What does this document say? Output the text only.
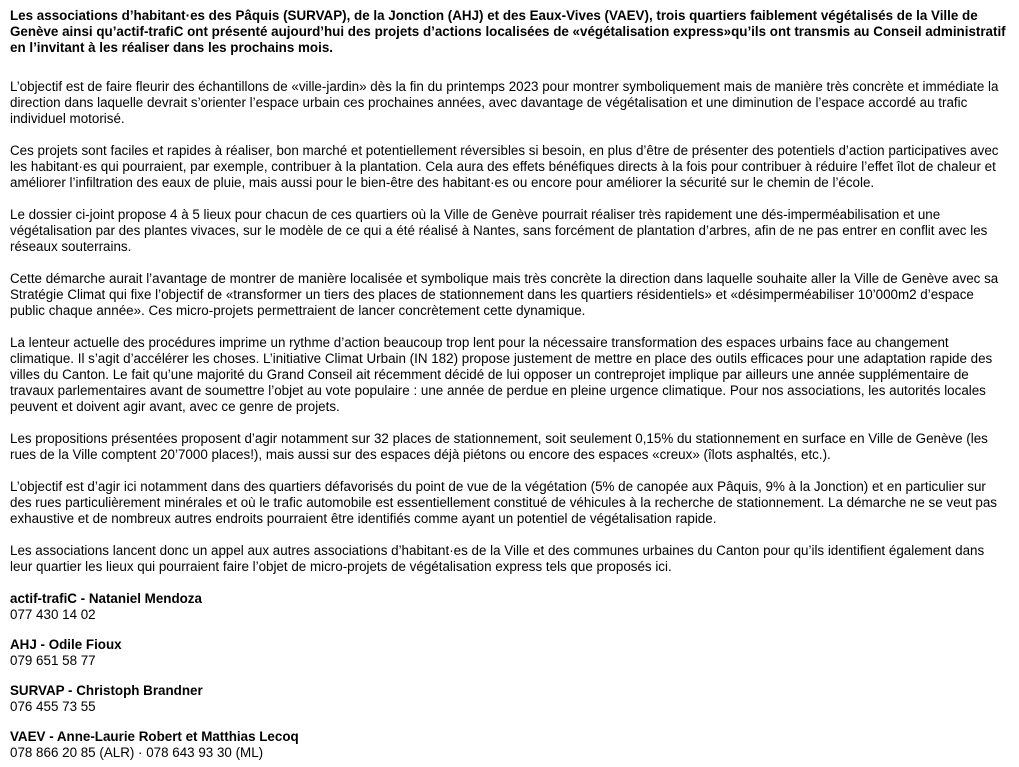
Les associations d’habitant·es des Pâquis (SURVAP), de la Jonction (AHJ) et des Eaux-Vives (VAEV), trois quartiers faiblement végétalisés de la Ville de Genève ainsi qu’actif-trafiC ont présenté aujourd’hui des projets d’actions localisées de «végétalisation express»qu’ils ont transmis au Conseil administratif en l’invitant à les réaliser dans les prochains mois.

L’objectif est de faire fleurir des échantillons de «ville-jardin» dès la fin du printemps 2023 pour montrer symboliquement mais de manière très concrète et immédiate la direction dans laquelle devrait s’orienter l’espace urbain ces prochaines années, avec davantage de végétalisation et une diminution de l’espace accordé au trafic individuel motorisé.

Ces projets sont faciles et rapides à réaliser, bon marché et potentiellement réversibles si besoin, en plus d’être de présenter des potentiels d’action participatives avec les habitant·es qui pourraient, par exemple, contribuer à la plantation. Cela aura des effets bénéfiques directs à la fois pour contribuer à réduire l’effet îlot de chaleur et améliorer l’infiltration des eaux de pluie, mais aussi pour le bien-être des habitant·es ou encore pour améliorer la sécurité sur le chemin de l’école.

Le dossier ci-joint propose 4 à 5 lieux pour chacun de ces quartiers où la Ville de Genève pourrait réaliser très rapidement une dés-imperméabilisation et une végétalisation par des plantes vivaces, sur le modèle de ce qui a été réalisé à Nantes, sans forcément de plantation d’arbres, afin de ne pas entrer en conflit avec les réseaux souterrains.

Cette démarche aurait l’avantage de montrer de manière localisée et symbolique mais très concrète la direction dans laquelle souhaite aller la Ville de Genève avec sa Stratégie Climat qui fixe l’objectif de «transformer un tiers des places de stationnement dans les quartiers résidentiels» et «désimperméabiliser 10’000m2 d’espace public chaque année». Ces micro-projets permettraient de lancer concrètement cette dynamique.

La lenteur actuelle des procédures imprime un rythme d’action beaucoup trop lent pour la nécessaire transformation des espaces urbains face au changement climatique. Il s’agit d’accélérer les choses. L’initiative Climat Urbain (IN 182) propose justement de mettre en place des outils efficaces pour une adaptation rapide des villes du Canton. Le fait qu’une majorité du Grand Conseil ait récemment décidé de lui opposer un contreprojet implique par ailleurs une année supplémentaire de travaux parlementaires avant de soumettre l’objet au vote populaire : une année de perdue en pleine urgence climatique. Pour nos associations, les autorités locales peuvent et doivent agir avant, avec ce genre de projets.

Les propositions présentées proposent d’agir notamment sur 32 places de stationnement, soit seulement 0,15% du stationnement en surface en Ville de Genève (les rues de la Ville comptent 20’7000 places!), mais aussi sur des espaces déjà piétons ou encore des espaces «creux» (îlots asphaltés, etc.).

L’objectif est d’agir ici notamment dans des quartiers défavorisés du point de vue de la végétation (5% de canopée aux Pâquis, 9% à la Jonction) et en particulier sur des rues particulièrement minérales et où le trafic automobile est essentiellement constitué de véhicules à la recherche de stationnement. La démarche ne se veut pas exhaustive et de nombreux autres endroits pourraient être identifiés comme ayant un potentiel de végétalisation rapide.

Les associations lancent donc un appel aux autres associations d’habitant·es de la Ville et des communes urbaines du Canton pour qu’ils identifient également dans leur quartier les lieux qui pourraient faire l’objet de micro-projets de végétalisation express tels que proposés ici.

actif-trafiC - Nataniel Mendoza
077 430 14 02
AHJ - Odile Fioux
079 651 58 77
SURVAP - Christoph Brandner
076 455 73 55
VAEV - Anne-Laurie Robert et Matthias Lecoq
078 866 20 85 (ALR) · 078 643 93 30 (ML)
